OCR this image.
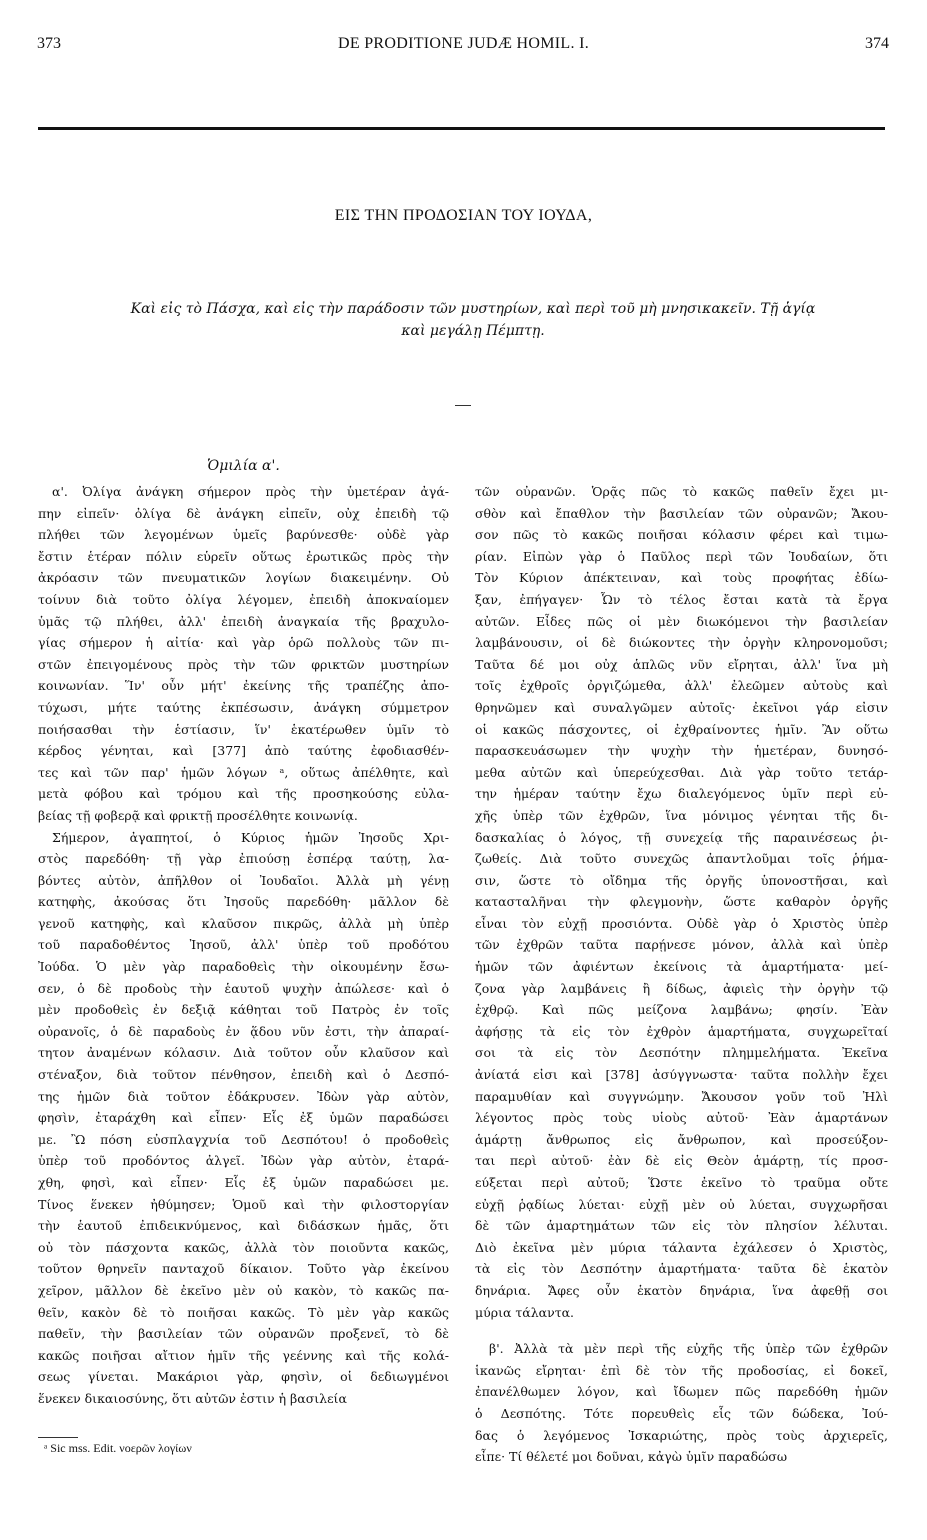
373	DE PRODITIONE JUDÆ HOMIL. I.	374
ΕΙΣ ΤΗΝ ΠΡΟΔΟΣΙΑΝ ΤΟΥ ΙΟΥΔΑ,
Καὶ εἰς τὸ Πάσχα, καὶ εἰς τὴν παράδοσιν τῶν μυστηρίων, καὶ περὶ τοῦ μὴ μνησικακεῖν. Τῇ ἁγίᾳ
καὶ μεγάλῃ Πέμπτῃ.
Ὁμιλία α'.
α'. Ὀλίγα ἀνάγκη σήμερον πρὸς τὴν ὑμετέραν ἀγά-
πην εἰπεῖν· ὀλίγα δὲ ἀνάγκη εἰπεῖν, οὐχ ἐπειδὴ τῷ
πλήθει τῶν λεγομένων ὑμεῖς βαρύνεσθε· οὐδὲ γὰρ
ἔστιν ἑτέραν πόλιν εὑρεῖν οὕτως ἐρωτικῶς πρὸς τὴν
ἀκρόασιν τῶν πνευματικῶν λογίων διακειμένην. Οὐ
τοίνυν διὰ τοῦτο ὀλίγα λέγομεν, ἐπειδὴ ἀποκναίομεν
ὑμᾶς τῷ πλήθει, ἀλλ' ἐπειδὴ ἀναγκαία τῆς βραχυλο-
γίας σήμερον ἡ αἰτία· καὶ γὰρ ὁρῶ πολλοὺς τῶν πι-
στῶν ἐπειγομένους πρὸς τὴν τῶν φρικτῶν μυστηρίων
κοινωνίαν. Ἵν' οὖν μήτ' ἐκείνης τῆς τραπέζης ἀπο-
τύχωσι, μήτε ταύτης ἐκπέσωσιν, ἀνάγκη σύμμετρον
ποιήσασθαι τὴν ἑστίασιν, ἵν' ἑκατέρωθεν ὑμῖν τὸ
κέρδος γένηται, καὶ [377] ἀπὸ ταύτης ἐφοδιασθέν-
τες καὶ τῶν παρ' ἡμῶν λόγων ᵃ, οὕτως ἀπέλθητε, καὶ
μετὰ φόβου καὶ τρόμου καὶ τῆς προσηκούσης εὐλα-
βείας τῇ φοβερᾷ καὶ φρικτῇ προσέλθητε κοινωνίᾳ.
Σήμερον, ἀγαπητοί, ὁ Κύριος ἡμῶν Ἰησοῦς Χρι-
στὸς παρεδόθη· τῇ γὰρ ἐπιούσῃ ἑσπέρᾳ ταύτῃ, λα-
βόντες αὐτὸν, ἀπῆλθον οἱ Ἰουδαῖοι. Ἀλλὰ μὴ γένῃ
κατηφὴς, ἀκούσας ὅτι Ἰησοῦς παρεδόθη· μᾶλλον δὲ
γενοῦ κατηφὴς, καὶ κλαῦσον πικρῶς, ἀλλὰ μὴ ὑπὲρ
τοῦ παραδοθέντος Ἰησοῦ, ἀλλ' ὑπὲρ τοῦ προδότου
Ἰούδα. Ὁ μὲν γὰρ παραδοθεὶς τὴν οἰκουμένην ἔσω-
σεν, ὁ δὲ προδοὺς τὴν ἑαυτοῦ ψυχὴν ἀπώλεσε· καὶ ὁ
μὲν προδοθεὶς ἐν δεξιᾷ κάθηται τοῦ Πατρὸς ἐν τοῖς
οὐρανοῖς, ὁ δὲ παραδοὺς ἐν ᾅδου νῦν ἐστι, τὴν ἀπαραί-
τητον ἀναμένων κόλασιν. Διὰ τοῦτον οὖν κλαῦσον καὶ
στέναξον, διὰ τοῦτον πένθησον, ἐπειδὴ καὶ ὁ Δεσπό-
της ἡμῶν διὰ τοῦτον ἐδάκρυσεν. Ἰδὼν γὰρ αὐτὸν,
φησὶν, ἐταράχθη καὶ εἶπεν· Εἷς ἐξ ὑμῶν παραδώσει
με. Ὢ πόση εὐσπλαγχνία τοῦ Δεσπότου! ὁ προδοθεὶς
ὑπὲρ τοῦ προδόντος ἀλγεῖ. Ἰδὼν γὰρ αὐτὸν, ἐταρά-
χθη, φησὶ, καὶ εἶπεν· Εἷς ἐξ ὑμῶν παραδώσει με.
Τίνος ἕνεκεν ἠθύμησεν; Ὁμοῦ καὶ τὴν φιλοστοργίαν
τὴν ἑαυτοῦ ἐπιδεικνύμενος, καὶ διδάσκων ἡμᾶς, ὅτι
οὐ τὸν πάσχοντα κακῶς, ἀλλὰ τὸν ποιοῦντα κακῶς,
τοῦτον θρηνεῖν πανταχοῦ δίκαιον. Τοῦτο γὰρ ἐκείνου
χεῖρον, μᾶλλον δὲ ἐκεῖνο μὲν οὐ κακὸν, τὸ κακῶς πα-
θεῖν, κακὸν δὲ τὸ ποιῆσαι κακῶς. Τὸ μὲν γὰρ κακῶς
παθεῖν, τὴν βασιλείαν τῶν οὐρανῶν προξενεῖ, τὸ δὲ
κακῶς ποιῆσαι αἴτιον ἡμῖν τῆς γεέννης καὶ τῆς κολά-
σεως γίνεται. Μακάριοι γὰρ, φησὶν, οἱ δεδιωγμένοι
ἕνεκεν δικαιοσύνης, ὅτι αὐτῶν ἐστιν ἡ βασιλεία
τῶν οὐρανῶν. Ὁρᾷς πῶς τὸ κακῶς παθεῖν ἔχει μι-
σθὸν καὶ ἔπαθλον τὴν βασιλείαν τῶν οὐρανῶν; Ἄκου-
σον πῶς τὸ κακῶς ποιῆσαι κόλασιν φέρει καὶ τιμω-
ρίαν. Εἰπὼν γὰρ ὁ Παῦλος περὶ τῶν Ἰουδαίων, ὅτι
Τὸν Κύριον ἀπέκτειναν, καὶ τοὺς προφήτας ἐδίω-
ξαν, ἐπήγαγεν· Ὧν τὸ τέλος ἔσται κατὰ τὰ ἔργα
αὐτῶν. Εἶδες πῶς οἱ μὲν διωκόμενοι τὴν βασιλείαν
λαμβάνουσιν, οἱ δὲ διώκοντες τὴν ὀργὴν κληρονομοῦσι;
Ταῦτα δέ μοι οὐχ ἁπλῶς νῦν εἴρηται, ἀλλ' ἵνα μὴ
τοῖς ἐχθροῖς ὀργιζώμεθα, ἀλλ' ἐλεῶμεν αὐτοὺς καὶ
θρηνῶμεν καὶ συναλγῶμεν αὐτοῖς· ἐκεῖνοι γάρ εἰσιν
οἱ κακῶς πάσχοντες, οἱ ἐχθραίνοντες ἡμῖν. Ἂν οὕτω
παρασκευάσωμεν τὴν ψυχὴν τὴν ἡμετέραν, δυνησό-
μεθα αὐτῶν καὶ ὑπερεύχεσθαι. Διὰ γὰρ τοῦτο τετάρ-
την ἡμέραν ταύτην ἔχω διαλεγόμενος ὑμῖν περὶ εὐ-
χῆς ὑπὲρ τῶν ἐχθρῶν, ἵνα μόνιμος γένηται τῆς δι-
δασκαλίας ὁ λόγος, τῇ συνεχείᾳ τῆς παραινέσεως ῥι-
ζωθείς. Διὰ τοῦτο συνεχῶς ἀπαντλοῦμαι τοῖς ῥήμα-
σιν, ὥστε τὸ οἴδημα τῆς ὀργῆς ὑπονοστῆσαι, καὶ
κατασταλῆναι τὴν φλεγμονὴν, ὥστε καθαρὸν ὀργῆς
εἶναι τὸν εὐχῇ προσιόντα. Οὐδὲ γὰρ ὁ Χριστὸς ὑπὲρ
τῶν ἐχθρῶν ταῦτα παρῄνεσε μόνον, ἀλλὰ καὶ ὑπὲρ
ἡμῶν τῶν ἀφιέντων ἐκείνοις τὰ ἁμαρτήματα· μεί-
ζονα γὰρ λαμβάνεις ἢ δίδως, ἀφιεὶς τὴν ὀργὴν τῷ
ἐχθρῷ. Καὶ πῶς μείζονα λαμβάνω; φησίν. Ἐὰν
ἀφήσῃς τὰ εἰς τὸν ἐχθρὸν ἁμαρτήματα, συγχωρεῖταί
σοι τὰ εἰς τὸν Δεσπότην πλημμελήματα. Ἐκεῖνα
ἀνίατά εἰσι καὶ [378] ἀσύγγνωστα· ταῦτα πολλὴν ἔχει
παραμυθίαν καὶ συγγνώμην. Ἄκουσον γοῦν τοῦ Ἠλὶ
λέγοντος πρὸς τοὺς υἱοὺς αὐτοῦ· Ἐὰν ἁμαρτάνων
ἁμάρτῃ ἄνθρωπος εἰς ἄνθρωπον, καὶ προσεύξον-
ται περὶ αὐτοῦ· ἐὰν δὲ εἰς Θεὸν ἁμάρτῃ, τίς προσ-
εύξεται περὶ αὐτοῦ; Ὥστε ἐκεῖνο τὸ τραῦμα οὔτε
εὐχῇ ῥᾳδίως λύεται· εὐχῇ μὲν οὐ λύεται, συγχωρῆσαι
δὲ τῶν ἁμαρτημάτων τῶν εἰς τὸν πλησίον λέλυται.
Διὸ ἐκεῖνα μὲν μύρια τάλαντα ἐχάλεσεν ὁ Χριστὸς,
τὰ εἰς τὸν Δεσπότην ἁμαρτήματα· ταῦτα δὲ ἑκατὸν
δηνάρια. Ἄφες οὖν ἑκατὸν δηνάρια, ἵνα ἀφεθῇ σοι
μύρια τάλαντα.
β'. Ἀλλὰ τὰ μὲν περὶ τῆς εὐχῆς τῆς ὑπὲρ τῶν ἐχθρῶν
ἱκανῶς εἴρηται· ἐπὶ δὲ τὸν τῆς προδοσίας, εἰ δοκεῖ,
ἐπανέλθωμεν λόγον, καὶ ἴδωμεν πῶς παρεδόθη ἡμῶν
ὁ Δεσπότης. Τότε πορευθεὶς εἷς τῶν δώδεκα, Ἰού-
δας ὁ λεγόμενος Ἰσκαριώτης, πρὸς τοὺς ἀρχιερεῖς,
εἶπε· Τί θέλετέ μοι δοῦναι, κἀγὼ ὑμῖν παραδώσω
ᵃ Sic mss. Edit. νοερῶν λογίων
